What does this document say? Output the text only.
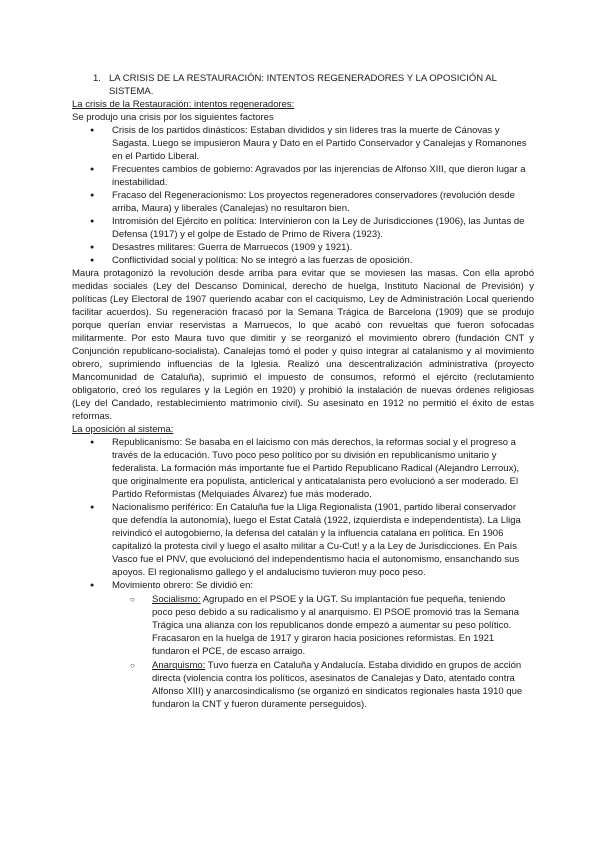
1. LA CRISIS DE LA RESTAURACIÓN: INTENTOS REGENERADORES Y LA OPOSICIÓN AL SISTEMA.

La crisis de la Restauración: intentos regeneradores:

Se produjo una crisis por los siguientes factores

● Crisis de los partidos dinásticos: Estaban divididos y sin líderes tras la muerte de Cánovas y Sagasta. Luego se impusieron Maura y Dato en el Partido Conservador y Canalejas y Romanones en el Partido Liberal.
● Frecuentes cambios de gobierno: Agravados por las injerencias de Alfonso XIII, que dieron lugar a inestabilidad.
● Fracaso del Regeneracionismo: Los proyectos regeneradores conservadores (revolución desde arriba, Maura) y liberales (Canalejas) no resultaron bien.
● Intromisión del Ejército en política: Intervinieron con la Ley de Jurisdicciones (1906), las Juntas de Defensa (1917) y el golpe de Estado de Primo de Rivera (1923).
● Desastres militares: Guerra de Marruecos (1909 y 1921).
● Conflictividad social y política: No se integró a las fuerzas de oposición.

Maura protagonizó la revolución desde arriba para evitar que se moviesen las masas. Con ella aprobó medidas sociales (Ley del Descanso Dominical, derecho de huelga, Instituto Nacional de Previsión) y políticas (Ley Electoral de 1907 queriendo acabar con el caciquismo, Ley de Administración Local queriendo facilitar acuerdos). Su regeneración fracasó por la Semana Trágica de Barcelona (1909) que se produjo porque querían enviar reservistas a Marruecos, lo que acabó con revueltas que fueron sofocadas militarmente. Por esto Maura tuvo que dimitir y se reorganizó el movimiento obrero (fundación CNT y Conjunción republicano-socialista). Canalejas tomó el poder y quiso integrar al catalanismo y al movimiento obrero, suprimiendo influencias de la Iglesia. Realizó una descentralización administrativa (proyecto Mancomunidad de Cataluña), suprimió el impuesto de consumos, reformó el ejército (reclutamiento obligatorio, creó los regulares y la Legión en 1920) y prohibió la instalación de nuevas órdenes religiosas (Ley del Candado, restablecimiento matrimonio civil). Su asesinato en 1912 no permitió el éxito de estas reformas.

La oposición al sistema:

● Republicanismo: Se basaba en el laicismo con más derechos, la reformas social y el progreso a través de la educación. Tuvo poco peso político por su división en republicanismo unitario y federalista. La formación más importante fue el Partido Republicano Radical (Alejandro Lerroux), que originalmente era populista, anticlerical y anticatalanista pero evolucionó a ser moderado. El Partido Reformistas (Melquiades Álvarez) fue más moderado.
● Nacionalismo periférico: En Cataluña fue la Lliga Regionalista (1901, partido liberal conservador que defendía la autonomía), luego el Estat Català (1922, izquierdista e independentista). La Lliga reivindicó el autogobierno, la defensa del catalán y la influencia catalana en política. En 1906 capitalizó la protesta civil y luego el asalto militar a Cu-Cut! y a la Ley de Jurisdicciones. En País Vasco fue el PNV, que evolucionó del independentismo hacia el autonomismo, ensanchando sus apoyos. El regionalismo gallego y el andalucismo tuvieron muy poco peso.
● Movimiento obrero: Se dividió en:
○ Socialismo: Agrupado en el PSOE y la UGT. Su implantación fue pequeña, teniendo poco peso debido a su radicalismo y al anarquismo. El PSOE promovió tras la Semana Trágica una alianza con los republicanos donde empezó a aumentar su peso político. Fracasaron en la huelga de 1917 y giraron hacia posiciones reformistas. En 1921 fundaron el PCE, de escaso arraigo.
○ Anarquismo: Tuvo fuerza en Cataluña y Andalucía. Estaba dividido en grupos de acción directa (violencia contra los políticos, asesinatos de Canalejas y Dato, atentado contra Alfonso XIII) y anarcosindicalismo (se organizó en sindicatos regionales hasta 1910 que fundaron la CNT y fueron duramente perseguidos).
